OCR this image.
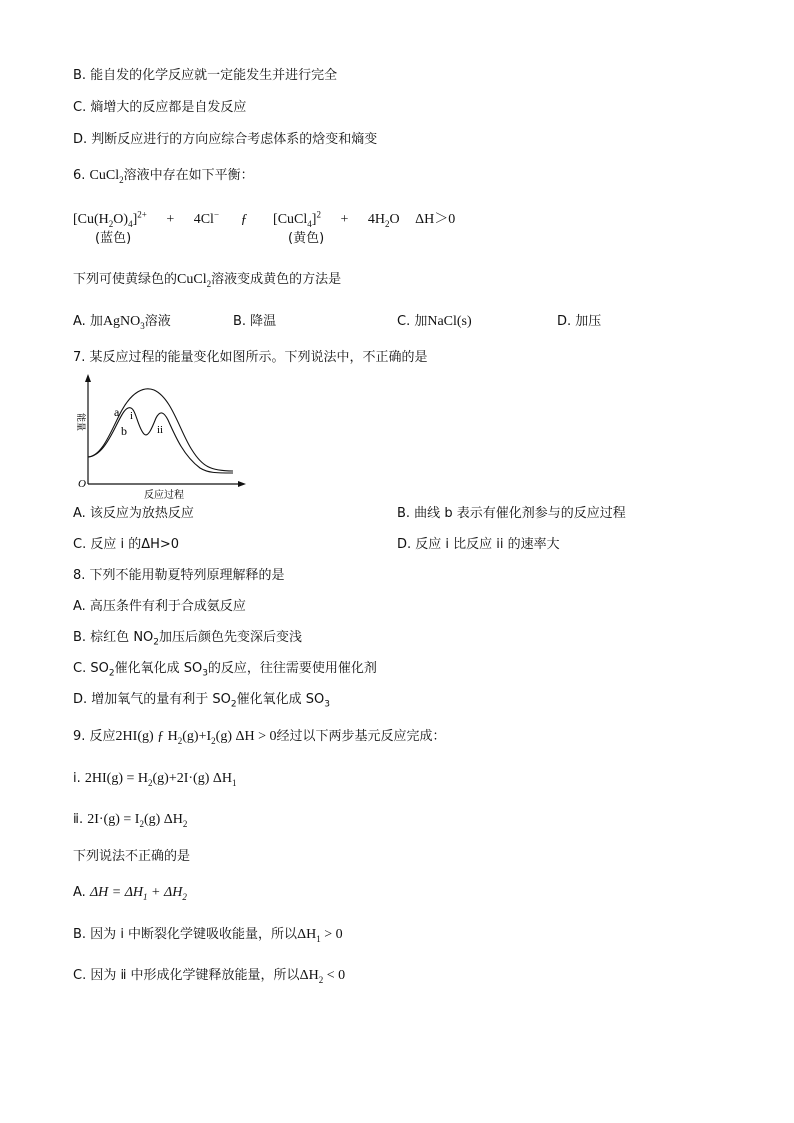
B. 能自发的化学反应就一定能发生并进行完全
C. 熵增大的反应都是自发反应
D. 判断反应进行的方向应综合考虑体系的焓变和熵变
6. CuCl$_2$溶液中存在如下平衡：
$[Cu(H_2O)_4]^{2+} + 4Cl^-$ ƒ [CuCl$_4$]$^2$ + $4H_2O$ ΔH＞0
(蓝色)	(黄色)
下列可使黄绿色的CuCl$_2$溶液变成黄色的方法是
A. 加AgNO$_3$溶液	B. 降温	C. 加NaCl(s)	D. 加压
7. 某反应过程的能量变化如图所示。下列说法中，不正确的是
a
b
i
ii
O
能量
反应过程
A. 该反应为放热反应	B. 曲线 b 表示有催化剂参与的反应过程
C. 反应 i 的ΔH>0	D. 反应 i 比反应 ii 的速率大
8. 下列不能用勒夏特列原理解释的是
A. 高压条件有利于合成氨反应
B. 棕红色 $NO_2$加压后颜色先变深后变浅
C. $SO_2$催化氧化成 $SO_3$的反应，往往需要使用催化剂
D. 增加氧气的量有利于 $SO_2$催化氧化成 $SO_3$
9. 反应2HI(g) ƒ $H_2(g)+I_2(g) \Delta H > 0$经过以下两步基元反应完成：
ⅰ. $2HI(g) = H_2(g)+2I\cdot(g)$ $\Delta H_1$
ⅱ. $2I\cdot(g) = I_2(g)$ $\Delta H_2$
下列说法不正确的是
A. $\Delta H = \Delta H_1 + \Delta H_2$
B. 因为 ⅰ 中断裂化学键吸收能量，所以$\Delta H_1 > 0$
C. 因为 ⅱ 中形成化学键释放能量，所以$\Delta H_2 < 0$
